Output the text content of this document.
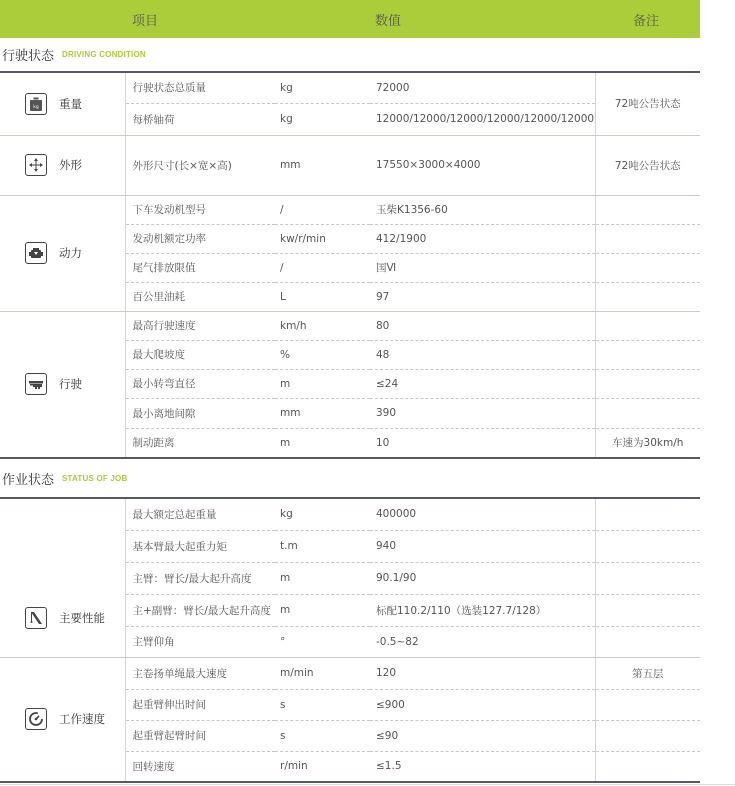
项目	数值	备注
行驶状态 DRIVING CONDITION
kg 重量	行驶状态总质量	kg	72000	72吨公告状态
	每桥轴荷	kg	12000/12000/12000/12000/12000/12000	

外形	外形尺寸(长×宽×高)	mm	17550×3000×4000	72吨公告状态

动力	下车发动机型号	/	玉柴K1356-60	
	发动机额定功率	kw/r/min	412/1900	
	尾气排放限值	/	国Ⅵ	
	百公里油耗	L	97	

行驶	最高行驶速度	km/h	80	
	最大爬坡度	%	48	
	最小转弯直径	m	≤24	
	最小离地间隙	mm	390	
	制动距离	m	10	车速为30km/h
作业状态 STATUS OF JOB
主要性能	最大额定总起重量	kg	400000	
	基本臂最大起重力矩	t.m	940	
	主臂：臂长/最大起升高度	m	90.1/90	
	主+副臂：臂长/最大起升高度	m	标配110.2/110（选装127.7/128）	
	主臂仰角	°	-0.5~82	

工作速度	主卷扬单绳最大速度	m/min	120	第五层
	起重臂伸出时间	s	≤900	
	起重臂起臂时间	s	≤90	
	回转速度	r/min	≤1.5	
